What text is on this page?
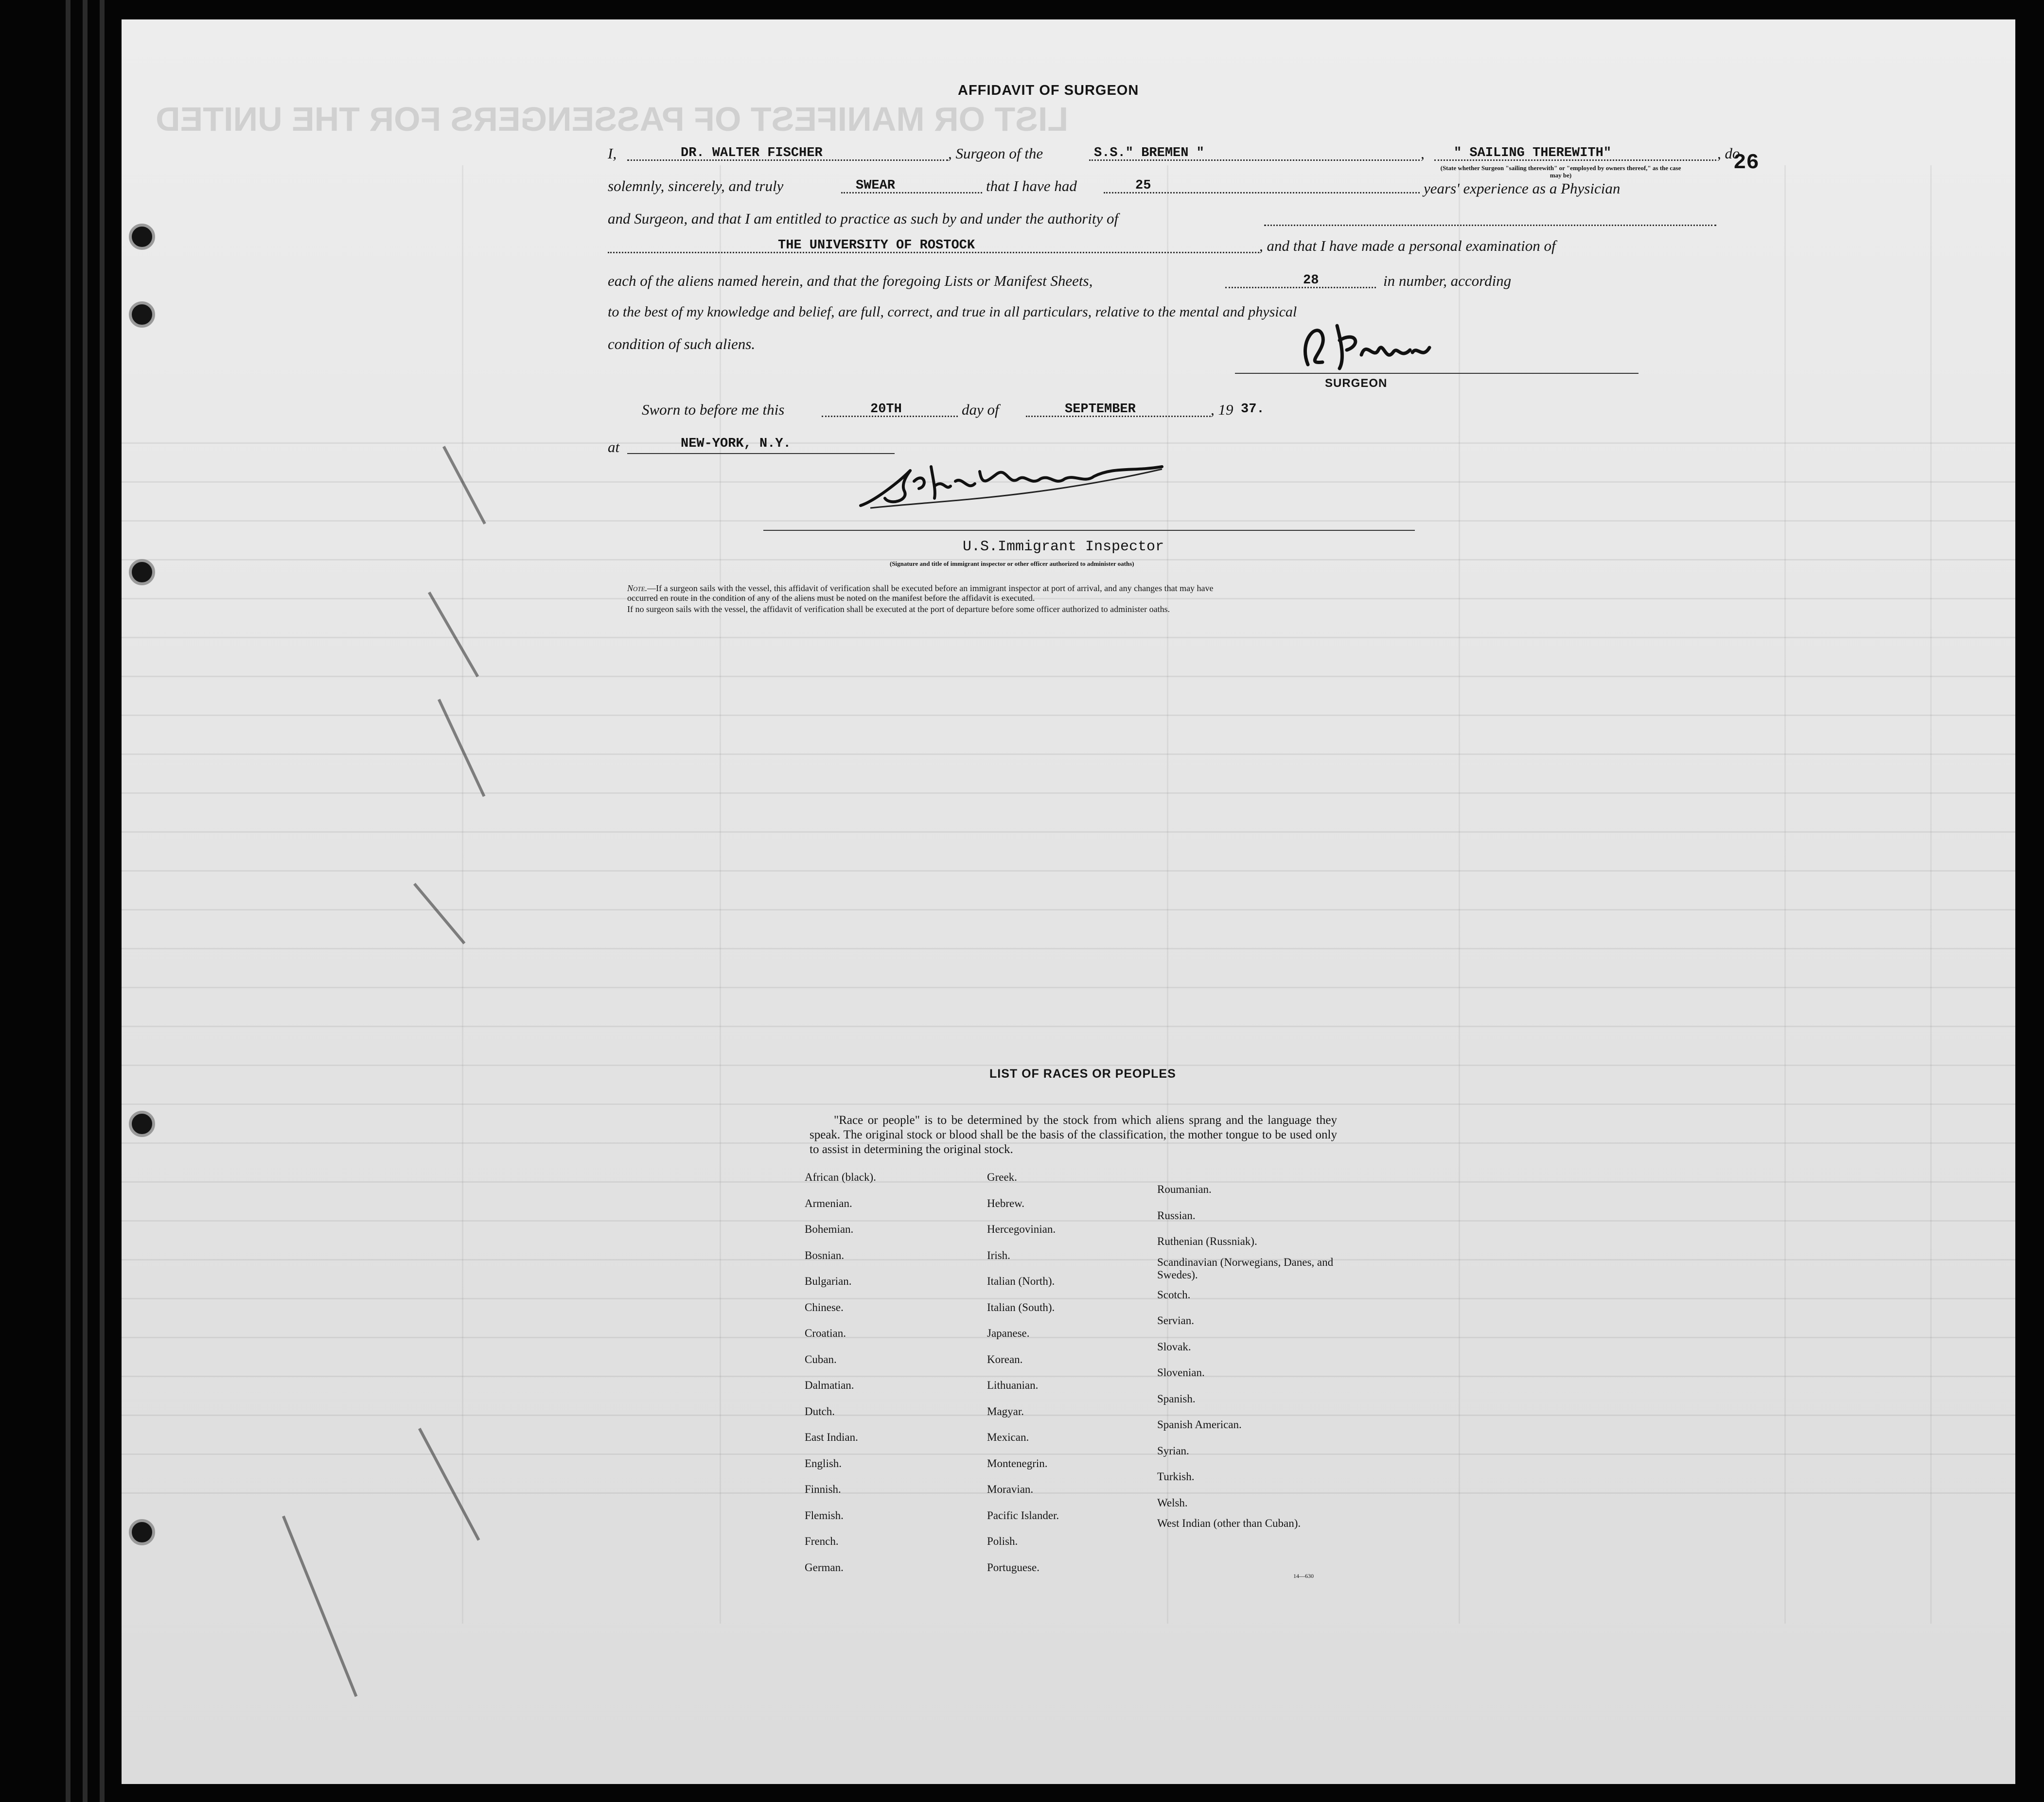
LIST OR MANIFEST OF PASSENGERS FOR THE UNITED
26
AFFIDAVIT OF SURGEON
I,	DR. WALTER FISCHER	, Surgeon of the	S.S." BREMEN "	, " SAILING THEREWITH"	, do
(State whether Surgeon "sailing therewith" or "employed by owners thereof," as the case may be)
solemnly, sincerely, and truly	SWEAR	that I have had	25	years' experience as a Physician
and Surgeon, and that I am entitled to practice as such by and under the authority of
THE UNIVERSITY OF ROSTOCK	, and that I have made a personal examination of
each of the aliens named herein, and that the foregoing Lists or Manifest Sheets,	28	in number, according
to the best of my knowledge and belief, are full, correct, and true in all particulars, relative to the mental and physical
condition of such aliens.
SURGEON
Sworn to before me this	20TH	day of	SEPTEMBER	, 19 37.
at	NEW-YORK, N.Y.
U.S.Immigrant Inspector
(Signature and title of immigrant inspector or other officer authorized to administer oaths)
Note.—If a surgeon sails with the vessel, this affidavit of verification shall be executed before an immigrant inspector at port of arrival, and any changes that may have
occurred en route in the condition of any of the aliens must be noted on the manifest before the affidavit is executed.
If no surgeon sails with the vessel, the affidavit of verification shall be executed at the port of departure before some officer authorized to administer oaths.
LIST OF RACES OR PEOPLES
"Race or people" is to be determined by the stock from which aliens sprang and the language they speak. The original stock or blood shall be the basis of the classification, the mother tongue to be used only to assist in determining the original stock.
African (black).
Armenian.
Bohemian.
Bosnian.
Bulgarian.
Chinese.
Croatian.
Cuban.
Dalmatian.
Dutch.
East Indian.
English.
Finnish.
Flemish.
French.
German.
Greek.
Hebrew.
Hercegovinian.
Irish.
Italian (North).
Italian (South).
Japanese.
Korean.
Lithuanian.
Magyar.
Mexican.
Montenegrin.
Moravian.
Pacific Islander.
Polish.
Portuguese.
Roumanian.
Russian.
Ruthenian (Russniak).
Scandinavian (Norwegians, Danes, and Swedes).
Scotch.
Servian.
Slovak.
Slovenian.
Spanish.
Spanish American.
Syrian.
Turkish.
Welsh.
West Indian (other than Cuban).
14—630
